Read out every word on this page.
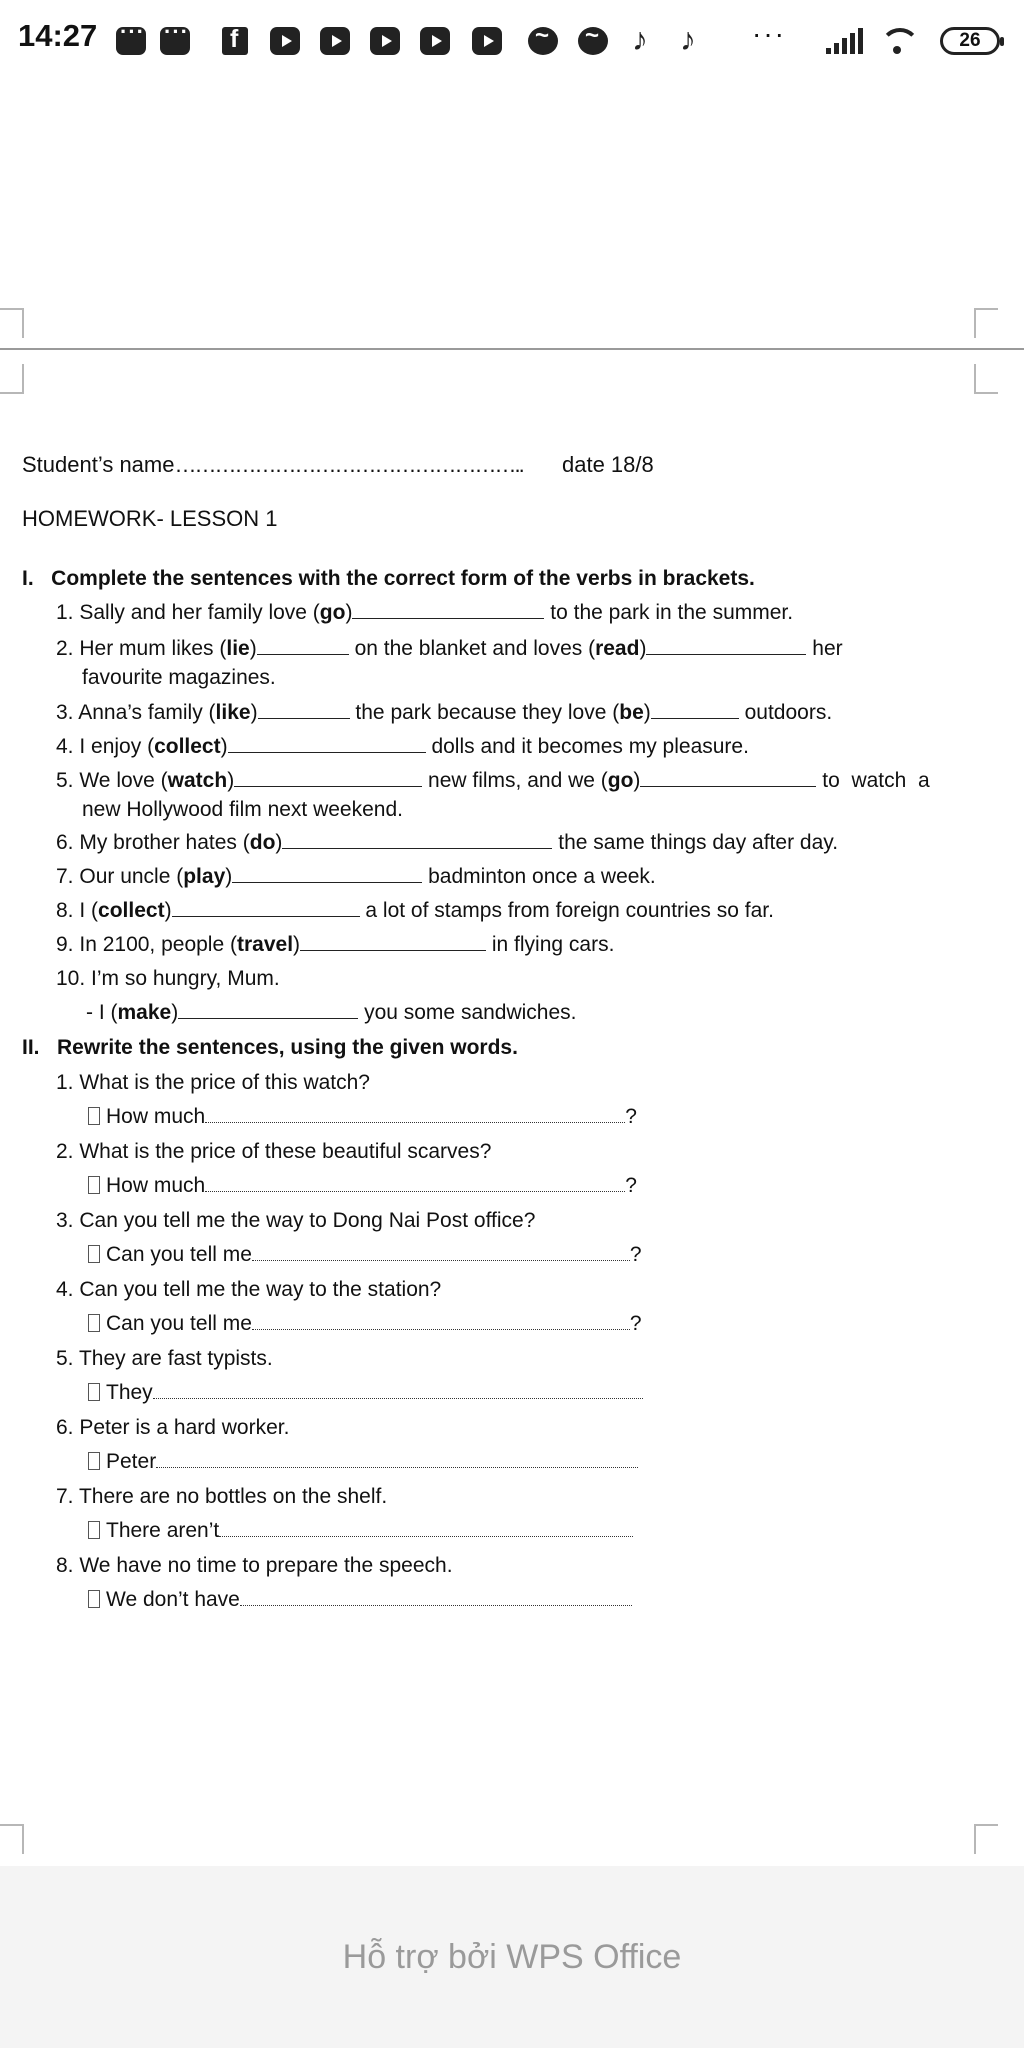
14:27 ··· ··· f ~ ~ ♪ ♪	···	26
Student’s name…………………………………………….. date 18/8
HOMEWORK- LESSON 1
I.   Complete the sentences with the correct form of the verbs in brackets.
1. Sally and her family love (go)	to the park in the summer.
2. Her mum likes (lie)	on the blanket and loves (read)	her
favourite magazines.
3. Anna’s family (like)	the park because they love (be)	outdoors.
4. I enjoy (collect)	dolls and it becomes my pleasure.
5. We love (watch)	new films, and we (go)	to  watch  a
new Hollywood film next weekend.
6. My brother hates (do)	the same things day after day.
7. Our uncle (play)	badminton once a week.
8. I (collect)	a lot of stamps from foreign countries so far.
9. In 2100, people (travel)	in flying cars.
10. I’m so hungry, Mum.
- I (make)	you some sandwiches.
II.   Rewrite the sentences, using the given words.
1. What is the price of this watch?
How much	?
2. What is the price of these beautiful scarves?
How much	?
3. Can you tell me the way to Dong Nai Post office?
Can you tell me	?
4. Can you tell me the way to the station?
Can you tell me	?
5. They are fast typists.
They
6. Peter is a hard worker.
Peter
7. There are no bottles on the shelf.
There aren’t
8. We have no time to prepare the speech.
We don’t have
Hỗ trợ bởi WPS Office
